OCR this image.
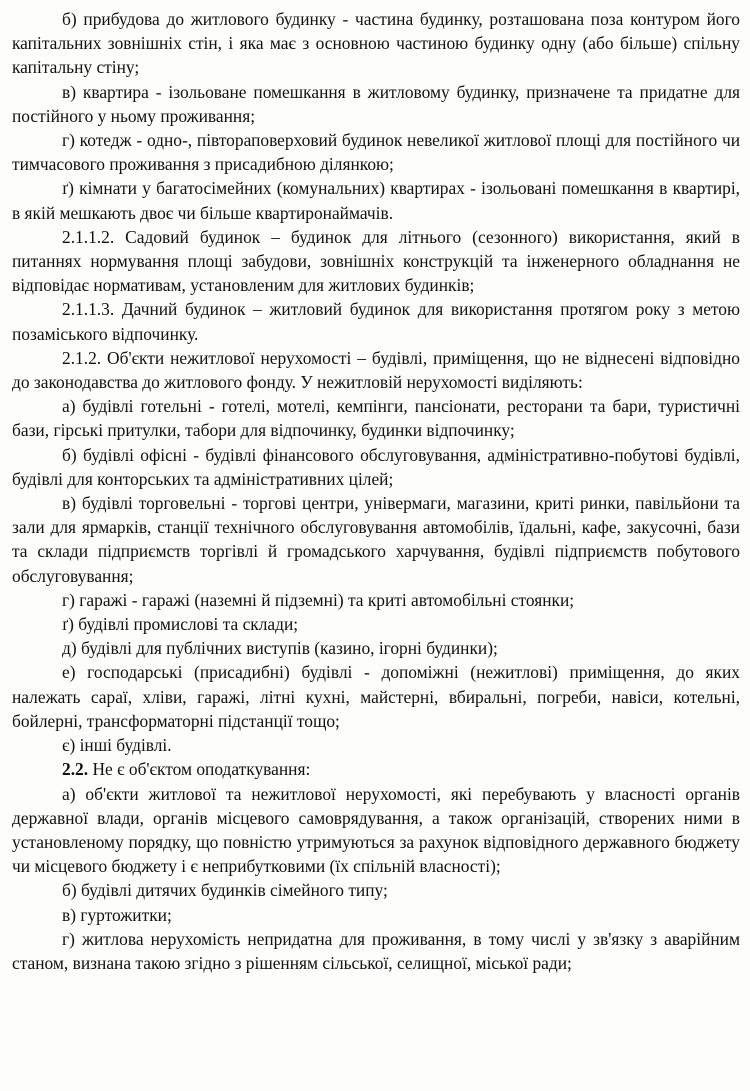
б) прибудова до житлового будинку - частина будинку, розташована поза контуром його капітальних зовнішніх стін, і яка має з основною частиною будинку одну (або більше) спільну капітальну стіну;

в) квартира - ізольоване помешкання в житловому будинку, призначене та придатне для постійного у ньому проживання;

г) котедж - одно-, півтораповерховий будинок невеликої житлової площі для постійного чи тимчасового проживання з присадибною ділянкою;

ґ) кімнати у багатосімейних (комунальних) квартирах - ізольовані помешкання в квартирі, в якій мешкають двоє чи більше квартиронаймачів.

2.1.1.2. Садовий будинок – будинок для літнього (сезонного) використання, який в питаннях нормування площі забудови, зовнішніх конструкцій та інженерного обладнання не відповідає нормативам, установленим для житлових будинків;

2.1.1.3. Дачний будинок – житловий будинок для використання протягом року з метою позаміського відпочинку.

2.1.2. Об'єкти нежитлової нерухомості – будівлі, приміщення, що не віднесені відповідно до законодавства до житлового фонду. У нежитловій нерухомості виділяють:

а) будівлі готельні - готелі, мотелі, кемпінги, пансіонати, ресторани та бари, туристичні бази, гірські притулки, табори для відпочинку, будинки відпочинку;

б) будівлі офісні - будівлі фінансового обслуговування, адміністративно-побутові будівлі, будівлі для конторських та адміністративних цілей;

в) будівлі торговельні - торгові центри, універмаги, магазини, криті ринки, павільйони та зали для ярмарків, станції технічного обслуговування автомобілів, їдальні, кафе, закусочні, бази та склади підприємств торгівлі й громадського харчування, будівлі підприємств побутового обслуговування;

г) гаражі - гаражі (наземні й підземні) та криті автомобільні стоянки;

ґ) будівлі промислові та склади;

д) будівлі для публічних виступів (казино, ігорні будинки);

е) господарські (присадибні) будівлі - допоміжні (нежитлові) приміщення, до яких належать сараї, хліви, гаражі, літні кухні, майстерні, вбиральні, погреби, навіси, котельні, бойлерні, трансформаторні підстанції тощо;

є) інші будівлі.

2.2. Не є об'єктом оподаткування:

а) об'єкти житлової та нежитлової нерухомості, які перебувають у власності органів державної влади, органів місцевого самоврядування, а також організацій, створених ними в установленому порядку, що повністю утримуються за рахунок відповідного державного бюджету чи місцевого бюджету і є неприбутковими (їх спільній власності);

б) будівлі дитячих будинків сімейного типу;

в) гуртожитки;

г) житлова нерухомість непридатна для проживання, в тому числі у зв'язку з аварійним станом, визнана такою згідно з рішенням сільської, селищної, міської ради;
